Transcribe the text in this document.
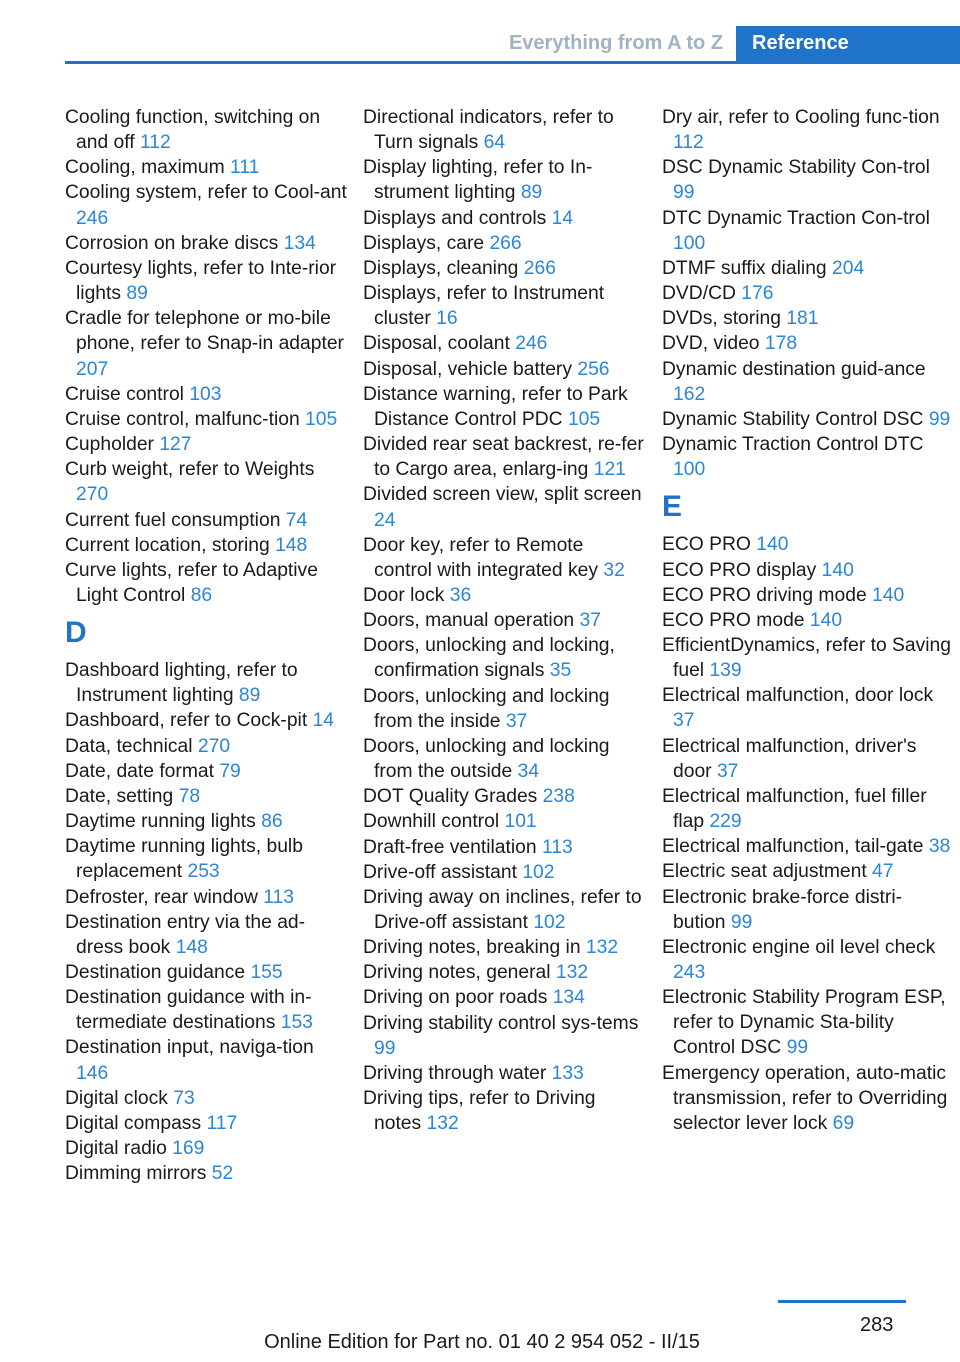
Everything from A to Z	Reference

Cooling function, switching on and off 112

Cooling, maximum 111

Cooling system, refer to Cool‐ant 246

Corrosion on brake discs 134

Courtesy lights, refer to Inte‐rior lights 89

Cradle for telephone or mo‐bile phone, refer to Snap-in adapter 207

Cruise control 103

Cruise control, malfunc‐tion 105

Cupholder 127

Curb weight, refer to Weights 270

Current fuel consumption 74

Current location, storing 148

Curve lights, refer to Adaptive Light Control 86

D

Dashboard lighting, refer to Instrument lighting 89

Dashboard, refer to Cock‐pit 14

Data, technical 270

Date, date format 79

Date, setting 78

Daytime running lights 86

Daytime running lights, bulb replacement 253

Defroster, rear window 113

Destination entry via the ad‐dress book 148

Destination guidance 155

Destination guidance with in‐termediate destinations 153

Destination input, naviga‐tion 146

Digital clock 73

Digital compass 117

Digital radio 169

Dimming mirrors 52

Directional indicators, refer to Turn signals 64

Display lighting, refer to In‐strument lighting 89

Displays and controls 14

Displays, care 266

Displays, cleaning 266

Displays, refer to Instrument cluster 16

Disposal, coolant 246

Disposal, vehicle battery 256

Distance warning, refer to Park Distance Control PDC 105

Divided rear seat backrest, re‐fer to Cargo area, enlarg‐ing 121

Divided screen view, split screen 24

Door key, refer to Remote control with integrated key 32

Door lock 36

Doors, manual operation 37

Doors, unlocking and locking, confirmation signals 35

Doors, unlocking and locking from the inside 37

Doors, unlocking and locking from the outside 34

DOT Quality Grades 238

Downhill control 101

Draft-free ventilation 113

Drive-off assistant 102

Driving away on inclines, refer to Drive-off assistant 102

Driving notes, breaking in 132

Driving notes, general 132

Driving on poor roads 134

Driving stability control sys‐tems 99

Driving through water 133

Driving tips, refer to Driving notes 132

Dry air, refer to Cooling func‐tion 112

DSC Dynamic Stability Con‐trol 99

DTC Dynamic Traction Con‐trol 100

DTMF suffix dialing 204

DVD/CD 176

DVDs, storing 181

DVD, video 178

Dynamic destination guid‐ance 162

Dynamic Stability Control DSC 99

Dynamic Traction Control DTC 100

E

ECO PRO 140

ECO PRO display 140

ECO PRO driving mode 140

ECO PRO mode 140

EfficientDynamics, refer to Saving fuel 139

Electrical malfunction, door lock 37

Electrical malfunction, driver's door 37

Electrical malfunction, fuel filler flap 229

Electrical malfunction, tail‐gate 38

Electric seat adjustment 47

Electronic brake-force distri‐bution 99

Electronic engine oil level check 243

Electronic Stability Program ESP, refer to Dynamic Sta‐bility Control DSC 99

Emergency operation, auto‐matic transmission, refer to Overriding selector lever lock 69

283
Online Edition for Part no. 01 40 2 954 052 - II/15
